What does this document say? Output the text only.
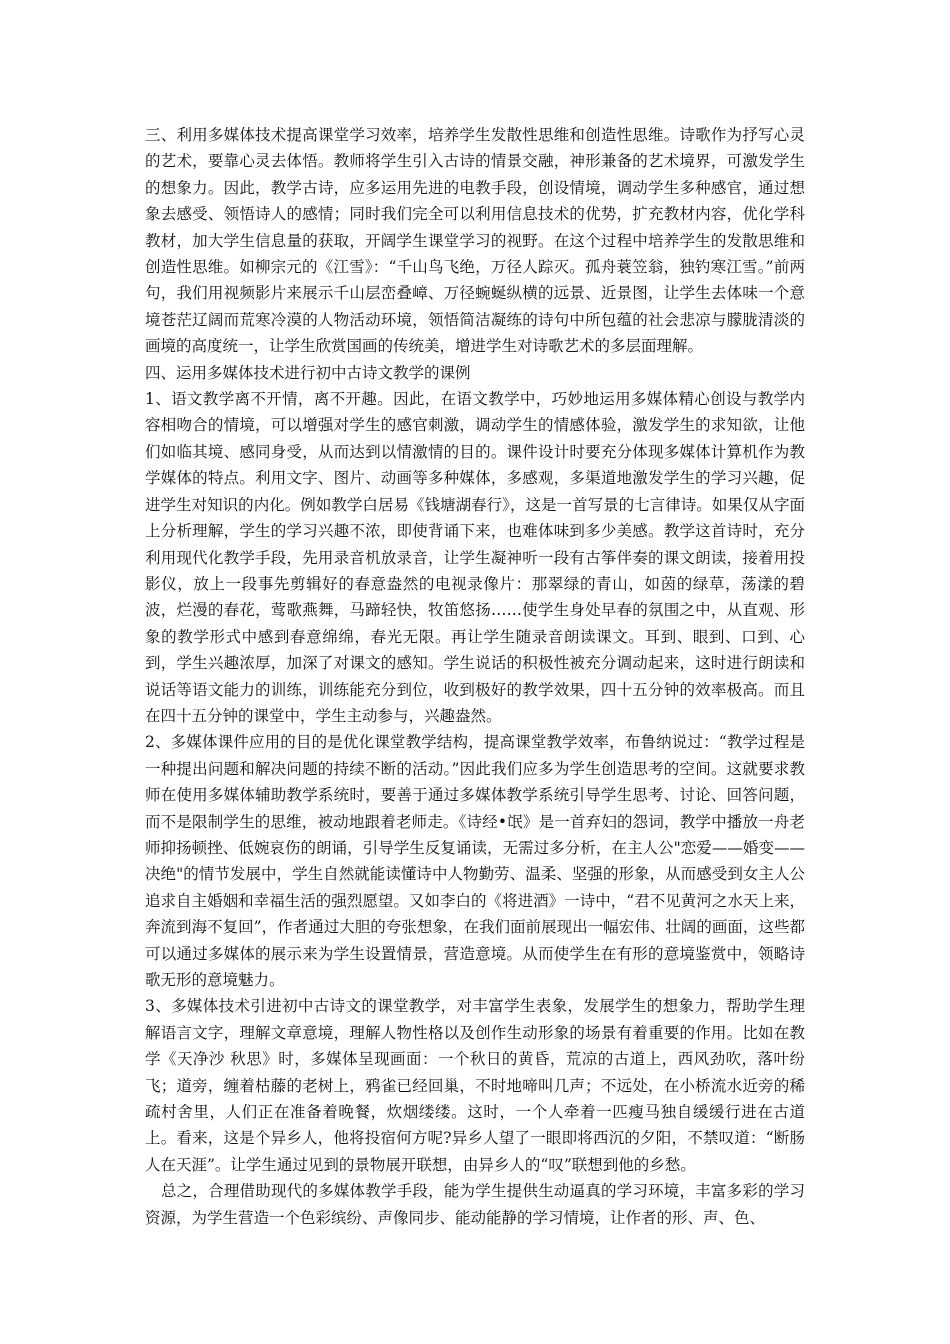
三、利用多媒体技术提高课堂学习效率，培养学生发散性思维和创造性思维。诗歌作为抒写心灵的艺术，要靠心灵去体悟。教师将学生引入古诗的情景交融，神形兼备的艺术境界，可激发学生的想象力。因此，教学古诗，应多运用先进的电教手段，创设情境，调动学生多种感官，通过想象去感受、领悟诗人的感情；同时我们完全可以利用信息技术的优势，扩充教材内容，优化学科教材，加大学生信息量的获取，开阔学生课堂学习的视野。在这个过程中培养学生的发散思维和创造性思维。如柳宗元的《江雪》：“千山鸟飞绝，万径人踪灭。孤舟蓑笠翁，独钓寒江雪。”前两句，我们用视频影片来展示千山层峦叠嶂、万径蜿蜒纵横的远景、近景图，让学生去体味一个意境苍茫辽阔而荒寒冷漠的人物活动环境，领悟简洁凝练的诗句中所包蕴的社会悲凉与朦胧清淡的画境的高度统一，让学生欣赏国画的传统美，增进学生对诗歌艺术的多层面理解。

四、运用多媒体技术进行初中古诗文教学的课例

1、语文教学离不开情，离不开趣。因此，在语文教学中，巧妙地运用多媒体精心创设与教学内容相吻合的情境，可以增强对学生的感官刺激，调动学生的情感体验，激发学生的求知欲，让他们如临其境、感同身受，从而达到以情激情的目的。课件设计时要充分体现多媒体计算机作为教学媒体的特点。利用文字、图片、动画等多种媒体，多感观，多渠道地激发学生的学习兴趣，促进学生对知识的内化。例如教学白居易《钱塘湖春行》，这是一首写景的七言律诗。如果仅从字面上分析理解，学生的学习兴趣不浓，即使背诵下来，也难体味到多少美感。教学这首诗时，充分利用现代化教学手段，先用录音机放录音，让学生凝神听一段有古筝伴奏的课文朗读，接着用投影仪，放上一段事先剪辑好的春意盎然的电视录像片：那翠绿的青山，如茵的绿草，荡漾的碧波，烂漫的春花，莺歌燕舞，马蹄轻快，牧笛悠扬……使学生身处早春的氛围之中，从直观、形象的教学形式中感到春意绵绵，春光无限。再让学生随录音朗读课文。耳到、眼到、口到、心到，学生兴趣浓厚，加深了对课文的感知。学生说话的积极性被充分调动起来，这时进行朗读和说话等语文能力的训练，训练能充分到位，收到极好的教学效果，四十五分钟的效率极高。而且在四十五分钟的课堂中，学生主动参与，兴趣盎然。

2、多媒体课件应用的目的是优化课堂教学结构，提高课堂教学效率，布鲁纳说过：“教学过程是一种提出问题和解决问题的持续不断的活动。”因此我们应多为学生创造思考的空间。这就要求教师在使用多媒体辅助教学系统时，要善于通过多媒体教学系统引导学生思考、讨论、回答问题，而不是限制学生的思维，被动地跟着老师走。《诗经•氓》是一首弃妇的怨词，教学中播放一舟老师抑扬顿挫、低婉哀伤的朗诵，引导学生反复诵读，无需过多分析，在主人公"恋爱——婚变——决绝"的情节发展中，学生自然就能读懂诗中人物勤劳、温柔、坚强的形象，从而感受到女主人公追求自主婚姻和幸福生活的强烈愿望。又如李白的《将进酒》一诗中，“君不见黄河之水天上来，奔流到海不复回”，作者通过大胆的夸张想象，在我们面前展现出一幅宏伟、壮阔的画面，这些都可以通过多媒体的展示来为学生设置情景，营造意境。从而使学生在有形的意境鉴赏中，领略诗歌无形的意境魅力。

3、多媒体技术引进初中古诗文的课堂教学，对丰富学生表象，发展学生的想象力，帮助学生理解语言文字，理解文章意境，理解人物性格以及创作生动形象的场景有着重要的作用。比如在教学《天净沙 秋思》时，多媒体呈现画面：一个秋日的黄昏，荒凉的古道上，西风劲吹，落叶纷飞；道旁，缠着枯藤的老树上，鸦雀已经回巢，不时地啼叫几声；不远处，在小桥流水近旁的稀疏村舍里，人们正在准备着晚餐，炊烟缕缕。这时，一个人牵着一匹瘦马独自缓缓行进在古道上。看来，这是个异乡人，他将投宿何方呢?异乡人望了一眼即将西沉的夕阳，不禁叹道：“断肠人在天涯”。让学生通过见到的景物展开联想，由异乡人的“叹”联想到他的乡愁。

总之，合理借助现代的多媒体教学手段，能为学生提供生动逼真的学习环境，丰富多彩的学习资源，为学生营造一个色彩缤纷、声像同步、能动能静的学习情境，让作者的形、声、色、
